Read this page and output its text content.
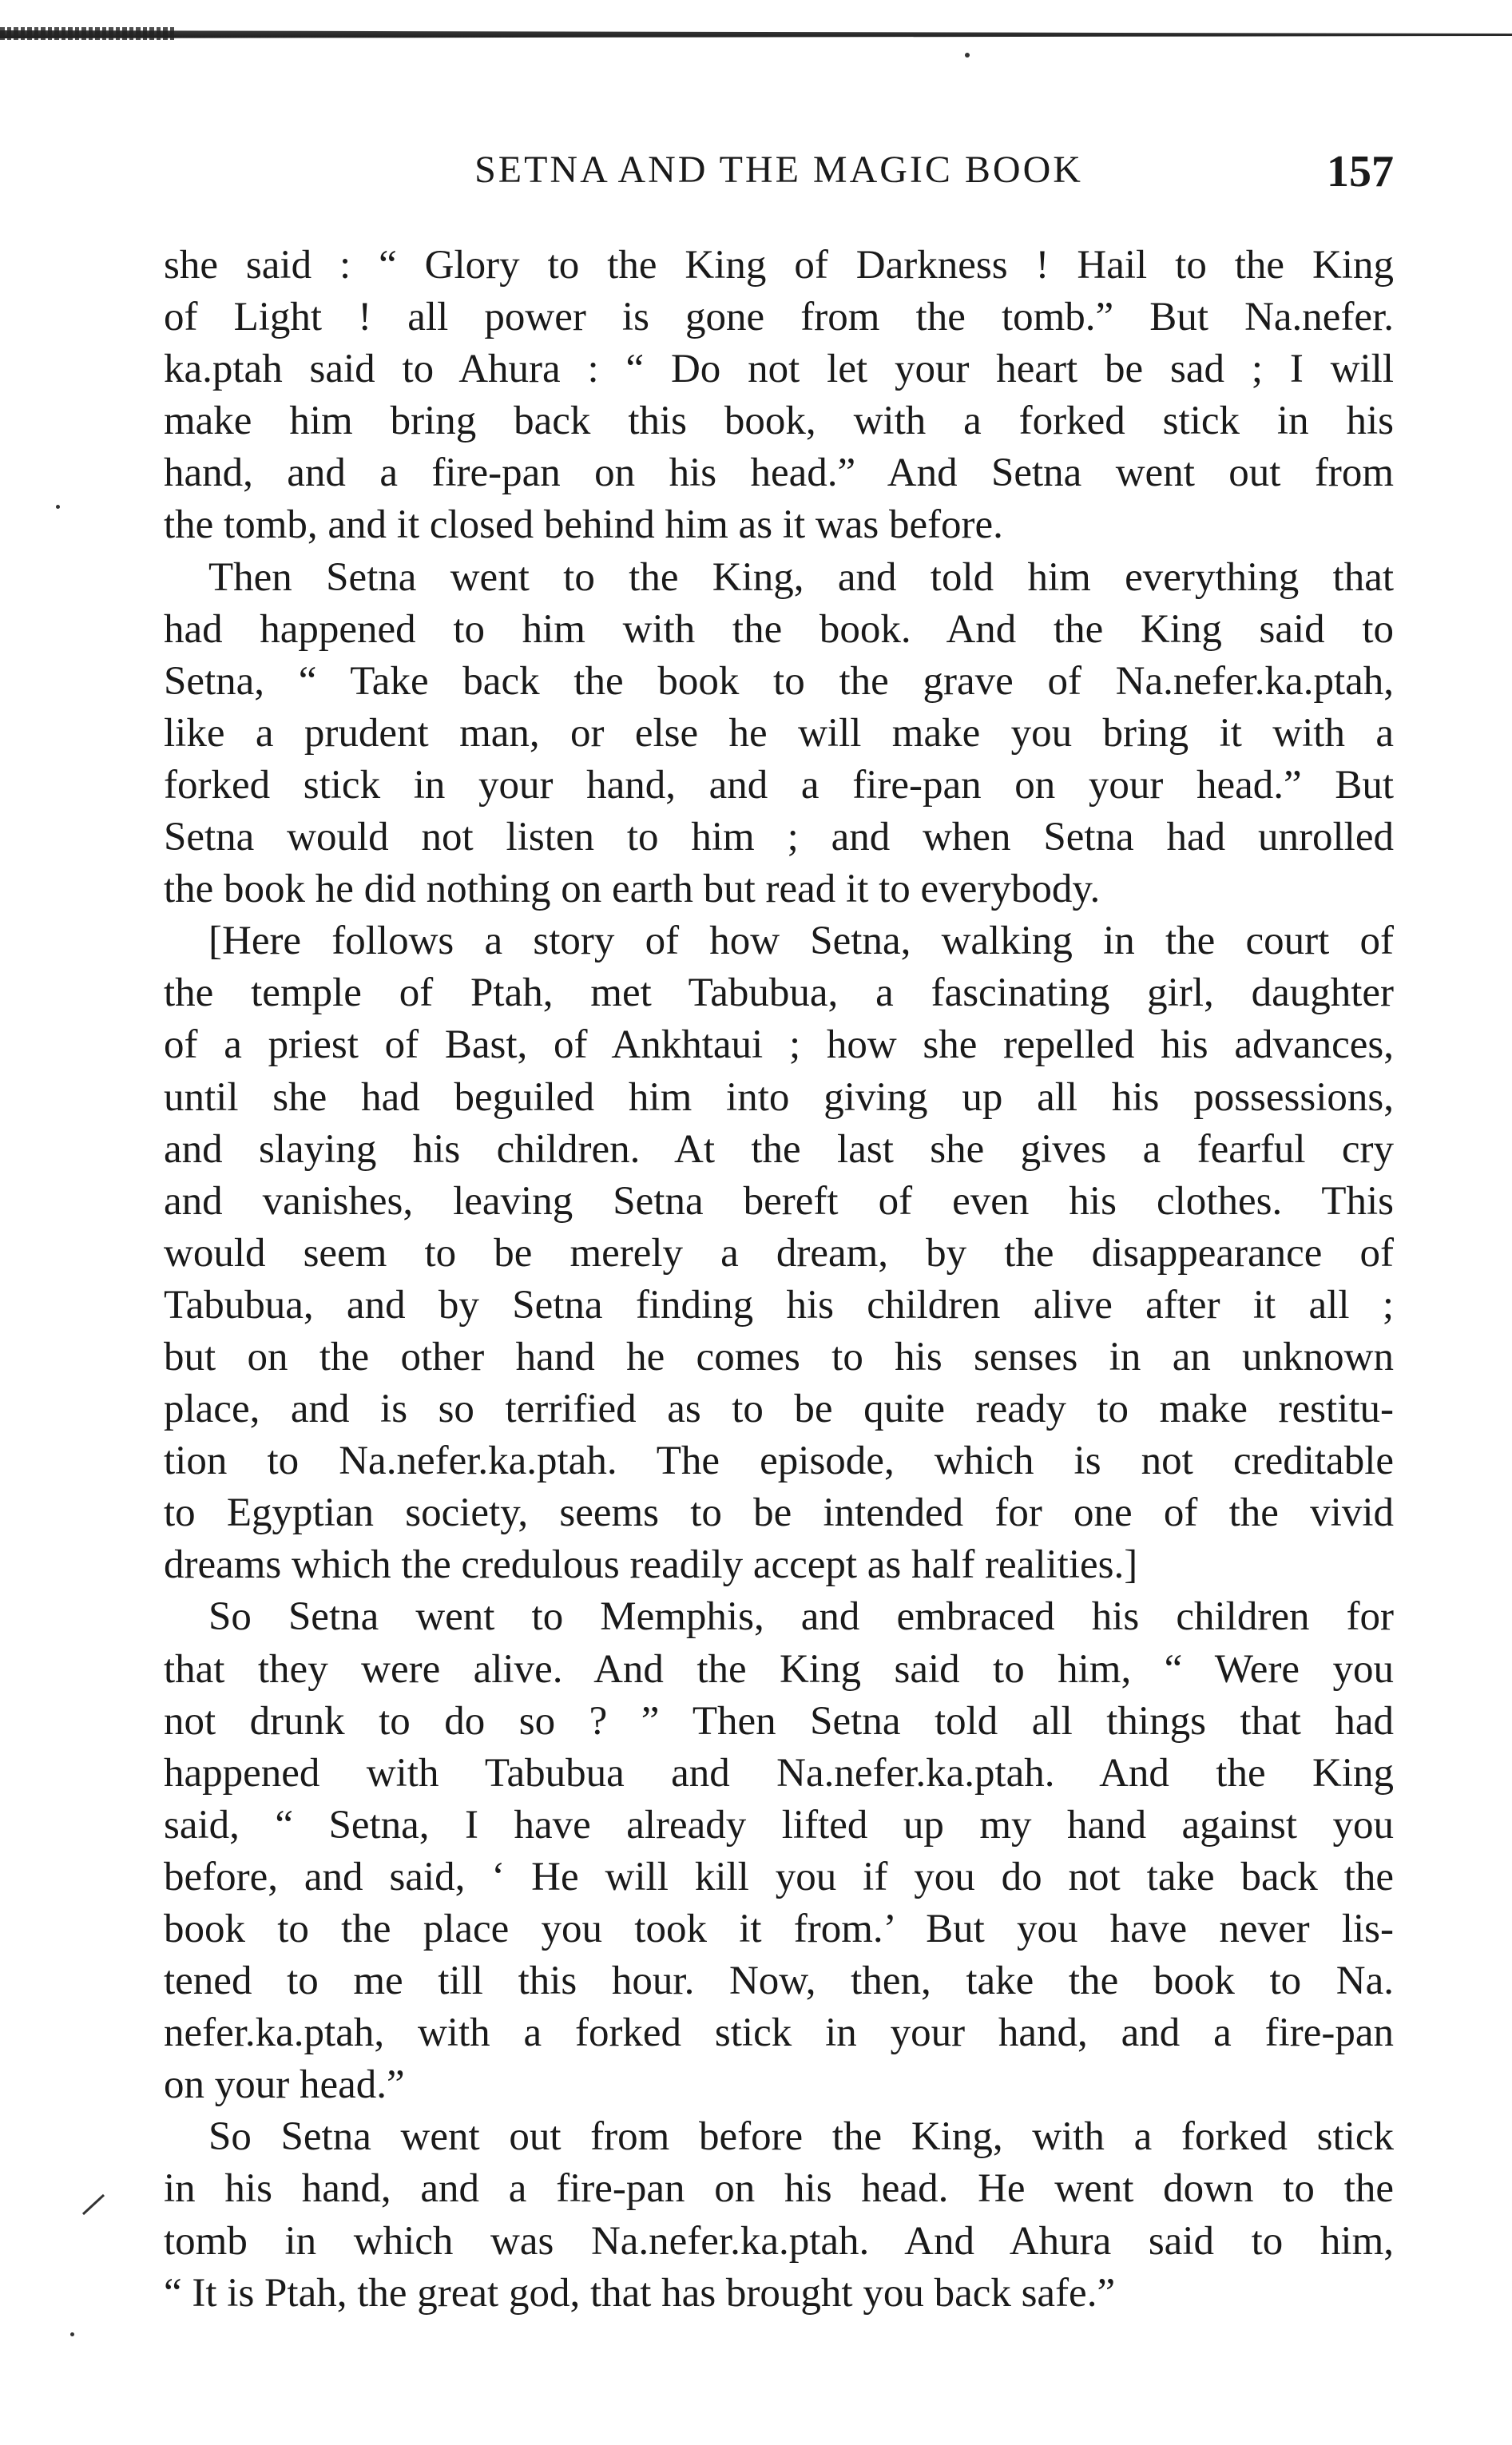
SETNA AND THE MAGIC BOOK	157
she said : “ Glory to the King of Darkness ! Hail to the King
of Light ! all power is gone from the tomb.” But Na.nefer.
ka.ptah said to Ahura : “ Do not let your heart be sad ; I will
make him bring back this book, with a forked stick in his
hand, and a fire-pan on his head.” And Setna went out from
the tomb, and it closed behind him as it was before.
Then Setna went to the King, and told him everything that
had happened to him with the book. And the King said to
Setna, “ Take back the book to the grave of Na.nefer.ka.ptah,
like a prudent man, or else he will make you bring it with a
forked stick in your hand, and a fire-pan on your head.” But
Setna would not listen to him ; and when Setna had unrolled
the book he did nothing on earth but read it to everybody.
[Here follows a story of how Setna, walking in the court of
the temple of Ptah, met Tabubua, a fascinating girl, daughter
of a priest of Bast, of Ankhtaui ; how she repelled his advances,
until she had beguiled him into giving up all his possessions,
and slaying his children. At the last she gives a fearful cry
and vanishes, leaving Setna bereft of even his clothes. This
would seem to be merely a dream, by the disappearance of
Tabubua, and by Setna finding his children alive after it all ;
but on the other hand he comes to his senses in an unknown
place, and is so terrified as to be quite ready to make restitu-
tion to Na.nefer.ka.ptah. The episode, which is not creditable
to Egyptian society, seems to be intended for one of the vivid
dreams which the credulous readily accept as half realities.]
So Setna went to Memphis, and embraced his children for
that they were alive. And the King said to him, “ Were you
not drunk to do so ? ” Then Setna told all things that had
happened with Tabubua and Na.nefer.ka.ptah. And the King
said, “ Setna, I have already lifted up my hand against you
before, and said, ‘ He will kill you if you do not take back the
book to the place you took it from.’ But you have never lis-
tened to me till this hour. Now, then, take the book to Na.
nefer.ka.ptah, with a forked stick in your hand, and a fire-pan
on your head.”
So Setna went out from before the King, with a forked stick
in his hand, and a fire-pan on his head. He went down to the
tomb in which was Na.nefer.ka.ptah. And Ahura said to him,
“ It is Ptah, the great god, that has brought you back safe.”
